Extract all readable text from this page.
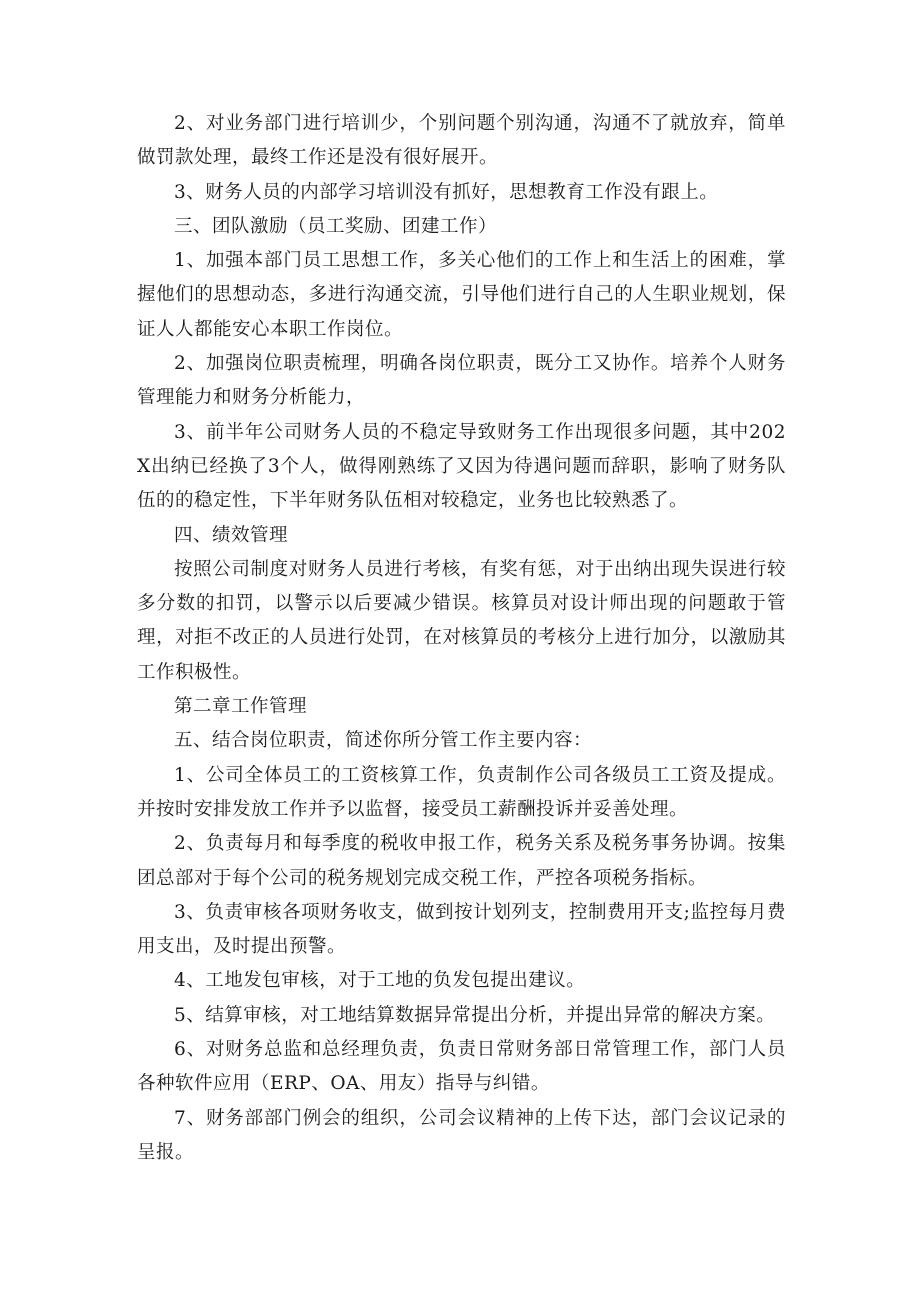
2、对业务部门进行培训少，个别问题个别沟通，沟通不了就放弃，简单做罚款处理，最终工作还是没有很好展开。

3、财务人员的内部学习培训没有抓好，思想教育工作没有跟上。

三、团队激励（员工奖励、团建工作）

1、加强本部门员工思想工作，多关心他们的工作上和生活上的困难，掌握他们的思想动态，多进行沟通交流，引导他们进行自己的人生职业规划，保证人人都能安心本职工作岗位。

2、加强岗位职责梳理，明确各岗位职责，既分工又协作。培养个人财务管理能力和财务分析能力，

3、前半年公司财务人员的不稳定导致财务工作出现很多问题，其中202X出纳已经换了3个人，做得刚熟练了又因为待遇问题而辞职，影响了财务队伍的的稳定性，下半年财务队伍相对较稳定，业务也比较熟悉了。

四、绩效管理

按照公司制度对财务人员进行考核，有奖有惩，对于出纳出现失误进行较多分数的扣罚，以警示以后要减少错误。核算员对设计师出现的问题敢于管理，对拒不改正的人员进行处罚，在对核算员的考核分上进行加分，以激励其工作积极性。

第二章工作管理

五、结合岗位职责，简述你所分管工作主要内容：

1、公司全体员工的工资核算工作，负责制作公司各级员工工资及提成。并按时安排发放工作并予以监督，接受员工薪酬投诉并妥善处理。

2、负责每月和每季度的税收申报工作，税务关系及税务事务协调。按集团总部对于每个公司的税务规划完成交税工作，严控各项税务指标。

3、负责审核各项财务收支，做到按计划列支，控制费用开支;监控每月费用支出，及时提出预警。

4、工地发包审核，对于工地的负发包提出建议。

5、结算审核，对工地结算数据异常提出分析，并提出异常的解决方案。

6、对财务总监和总经理负责，负责日常财务部日常管理工作，部门人员各种软件应用（ERP、OA、用友）指导与纠错。

7、财务部部门例会的组织，公司会议精神的上传下达，部门会议记录的呈报。
